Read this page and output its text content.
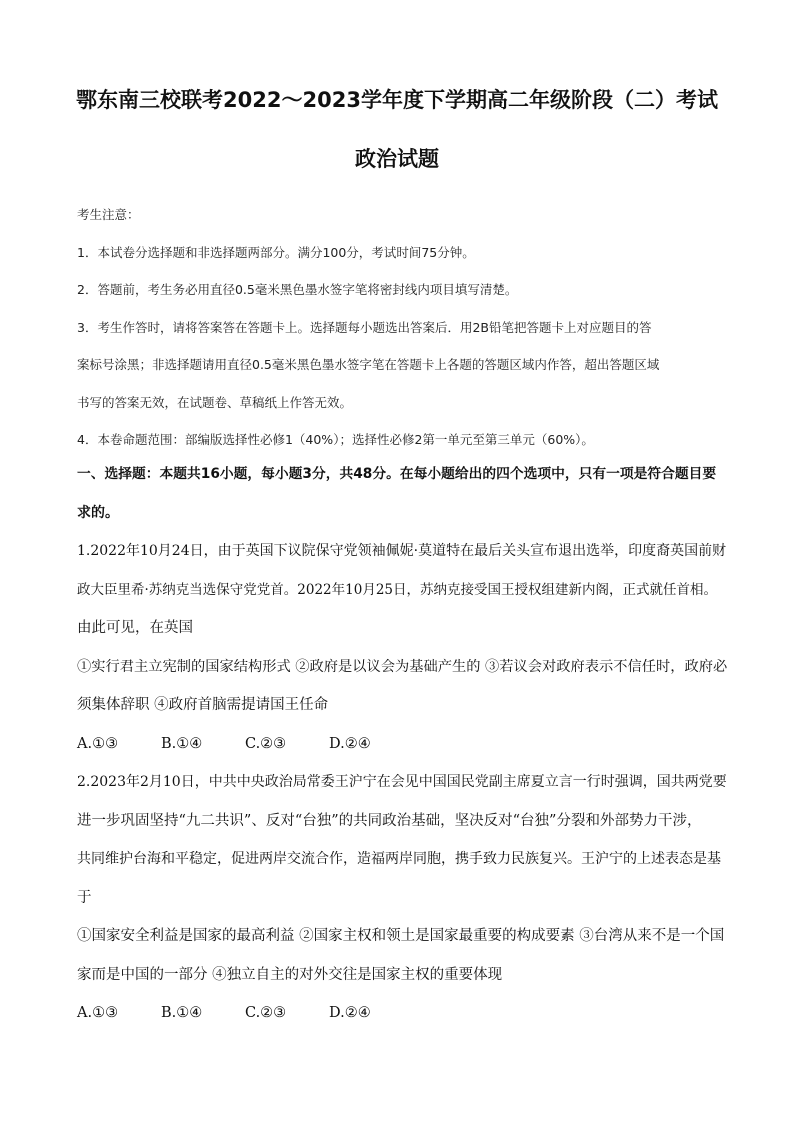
鄂东南三校联考2022～2023学年度下学期高二年级阶段（二）考试
政治试题
考生注意：
1．本试卷分选择题和非选择题两部分。满分100分，考试时间75分钟。
2．答题前，考生务必用直径0.5毫米黑色墨水签字笔将密封线内项目填写清楚。
3．考生作答时，请将答案答在答题卡上。选择题每小题选出答案后．用2B铅笔把答题卡上对应题目的答
案标号涂黑；非选择题请用直径0.5毫米黑色墨水签字笔在答题卡上各题的答题区域内作答，超出答题区域
书写的答案无效，在试题卷、草稿纸上作答无效。
4．本卷命题范围：部编版选择性必修1（40%）；选择性必修2第一单元至第三单元（60%）。
一、选择题：本题共16小题，每小题3分，共48分。在每小题给出的四个选项中，只有一项是符合题目要
求的。
1.2022年10月24日，由于英国下议院保守党领袖佩妮·莫道特在最后关头宣布退出选举，印度裔英国前财
政大臣里希·苏纳克当选保守党党首。2022年10月25日，苏纳克接受国王授权组建新内阁，正式就任首相。
由此可见，在英国
①实行君主立宪制的国家结构形式 ②政府是以议会为基础产生的 ③若议会对政府表示不信任时，政府必
须集体辞职 ④政府首脑需提请国王任命
A.①③	B.①④	C.②③	D.②④
2.2023年2月10日，中共中央政治局常委王沪宁在会见中国国民党副主席夏立言一行时强调，国共两党要
进一步巩固坚持“九二共识”、反对“台独”的共同政治基础，坚决反对“台独”分裂和外部势力干涉，
共同维护台海和平稳定，促进两岸交流合作，造福两岸同胞，携手致力民族复兴。王沪宁的上述表态是基
于
①国家安全利益是国家的最高利益 ②国家主权和领土是国家最重要的构成要素 ③台湾从来不是一个国
家而是中国的一部分 ④独立自主的对外交往是国家主权的重要体现
A.①③	B.①④	C.②③	D.②④
